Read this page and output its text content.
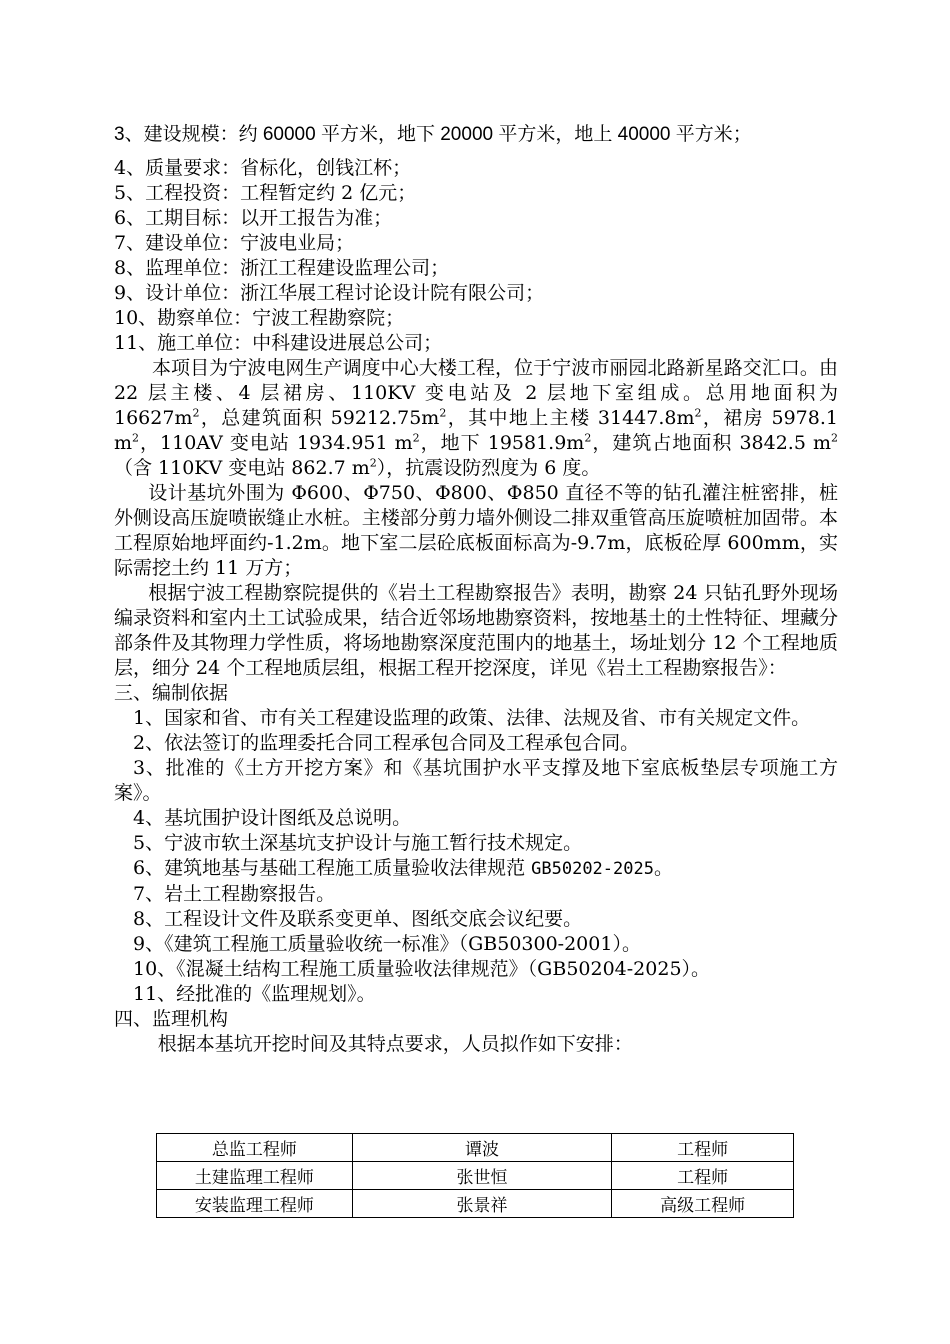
3、建设规模：约 60000 平方米，地下 20000 平方米，地上 40000 平方米；
4、质量要求：省标化，创钱江杯；
5、工程投资：工程暂定约 2 亿元；
6、工期目标：以开工报告为准；
7、建设单位：宁波电业局；
8、监理单位：浙江工程建设监理公司；
9、设计单位：浙江华展工程讨论设计院有限公司；
10、勘察单位：宁波工程勘察院；
11、施工单位：中科建设进展总公司；
本项目为宁波电网生产调度中心大楼工程，位于宁波市丽园北路新星路交汇口。由 22 层主楼、4 层裙房、110KV 变电站及 2 层地下室组成。总用地面积为 $16627m^2$，总建筑面积 $59212.75m^2$，其中地上主楼 $31447.8m^2$，裙房 5978.1 $m^2$，110AV 变电站 1934.951 $m^2$，地下 $19581.9m^2$，建筑占地面积 3842.5 $m^2$（含 110KV 变电站 862.7 $m^2$），抗震设防烈度为 6 度。
设计基坑外围为 Φ600、Φ750、Φ800、Φ850 直径不等的钻孔灌注桩密排，桩外侧设高压旋喷嵌缝止水桩。主楼部分剪力墙外侧设二排双重管高压旋喷桩加固带。本工程原始地坪面约-1.2m。地下室二层砼底板面标高为-9.7m，底板砼厚 600mm，实际需挖土约 11 万方；
根据宁波工程勘察院提供的《岩土工程勘察报告》表明，勘察 24 只钻孔野外现场编录资料和室内土工试验成果，结合近邻场地勘察资料，按地基土的土性特征、埋藏分部条件及其物理力学性质，将场地勘察深度范围内的地基土，场址划分 12 个工程地质层，细分 24 个工程地质层组，根据工程开挖深度，详见《岩土工程勘察报告》：
三、编制依据
1、国家和省、市有关工程建设监理的政策、法律、法规及省、市有关规定文件。
2、依法签订的监理委托合同工程承包合同及工程承包合同。
3、批准的《土方开挖方案》和《基坑围护水平支撑及地下室底板垫层专项施工方案》。
4、基坑围护设计图纸及总说明。
5、宁波市软土深基坑支护设计与施工暂行技术规定。
6、建筑地基与基础工程施工质量验收法律规范 GB50202-2025。
7、岩土工程勘察报告。
8、工程设计文件及联系变更单、图纸交底会议纪要。
9、《建筑工程施工质量验收统一标准》（GB50300-2001）。
10、《混凝土结构工程施工质量验收法律规范》（GB50204-2025）。
11、经批准的《监理规划》。
四、监理机构
根据本基坑开挖时间及其特点要求，人员拟作如下安排：
总监工程师	谭波	工程师
土建监理工程师	张世恒	工程师
安装监理工程师	张景祥	高级工程师
